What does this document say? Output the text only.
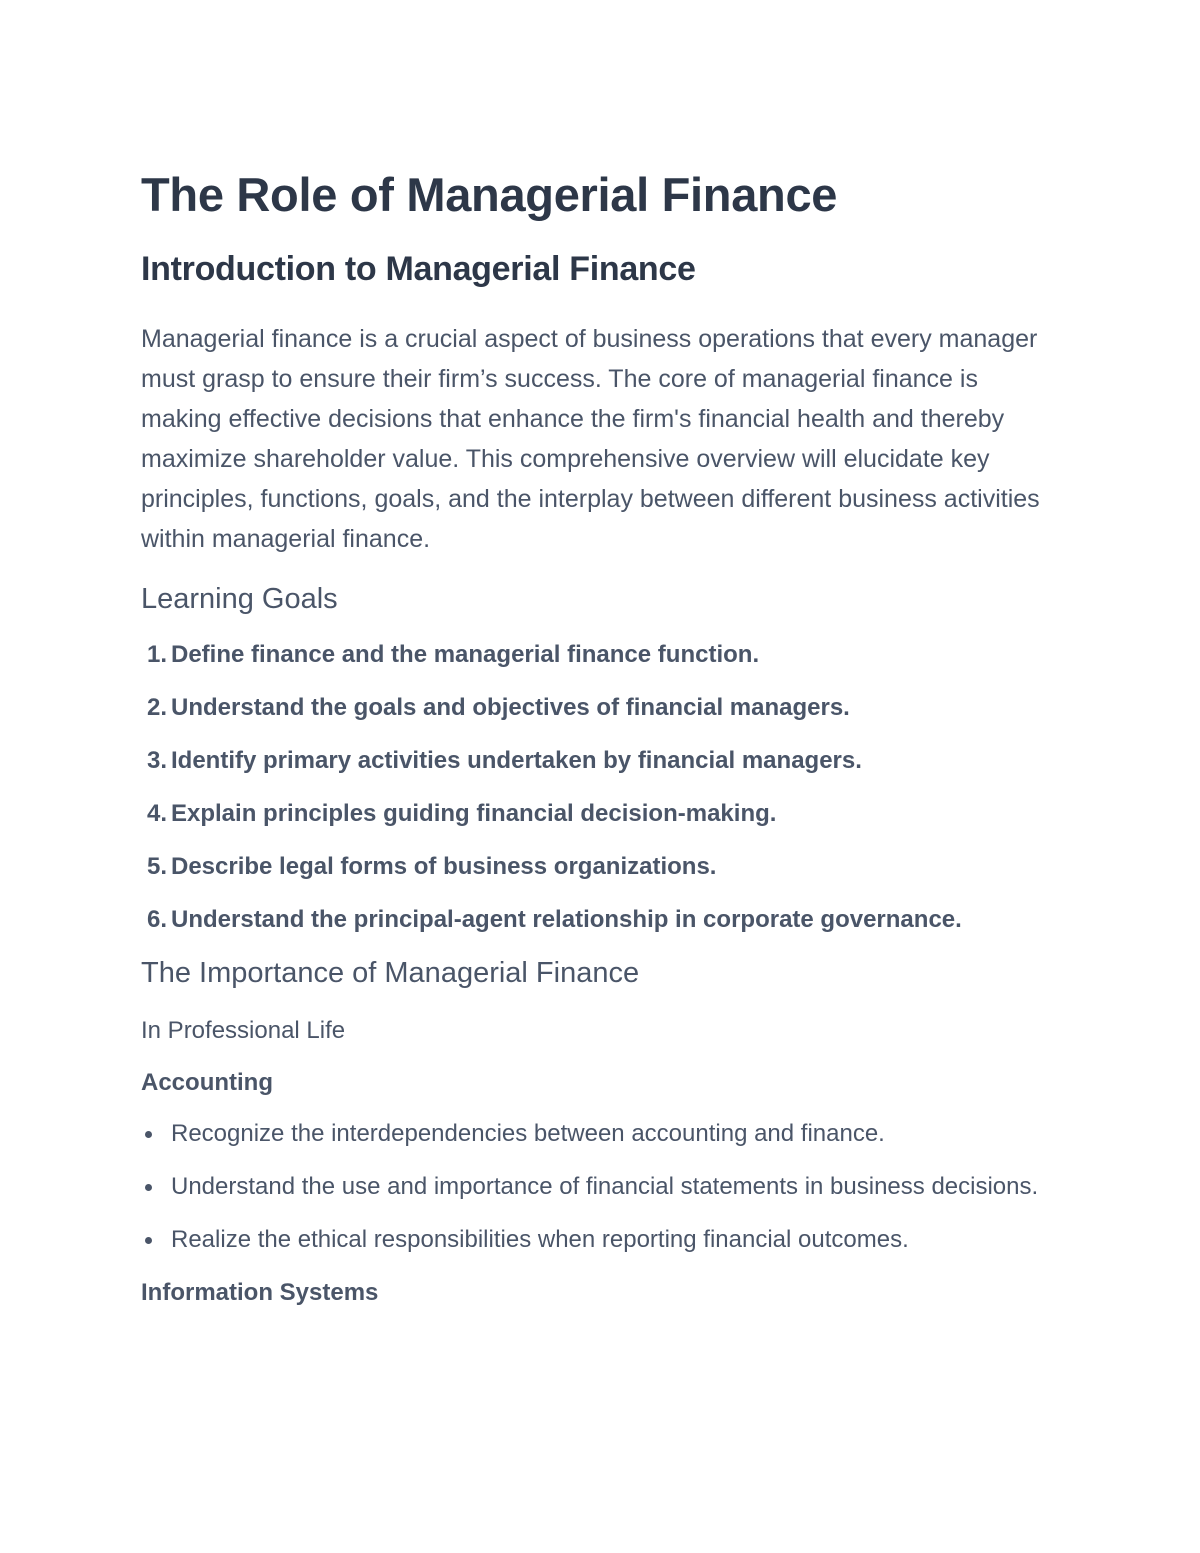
The Role of Managerial Finance
Introduction to Managerial Finance

Managerial finance is a crucial aspect of business operations that every manager must grasp to ensure their firm’s success. The core of managerial finance is making effective decisions that enhance the firm's financial health and thereby maximize shareholder value. This comprehensive overview will elucidate key principles, functions, goals, and the interplay between different business activities within managerial finance.

Learning Goals
1. Define finance and the managerial finance function.
2. Understand the goals and objectives of financial managers.
3. Identify primary activities undertaken by financial managers.
4. Explain principles guiding financial decision-making.
5. Describe legal forms of business organizations.
6. Understand the principal-agent relationship in corporate governance.
The Importance of Managerial Finance
In Professional Life
Accounting
Recognize the interdependencies between accounting and finance.
Understand the use and importance of financial statements in business decisions.
Realize the ethical responsibilities when reporting financial outcomes.
Information Systems
